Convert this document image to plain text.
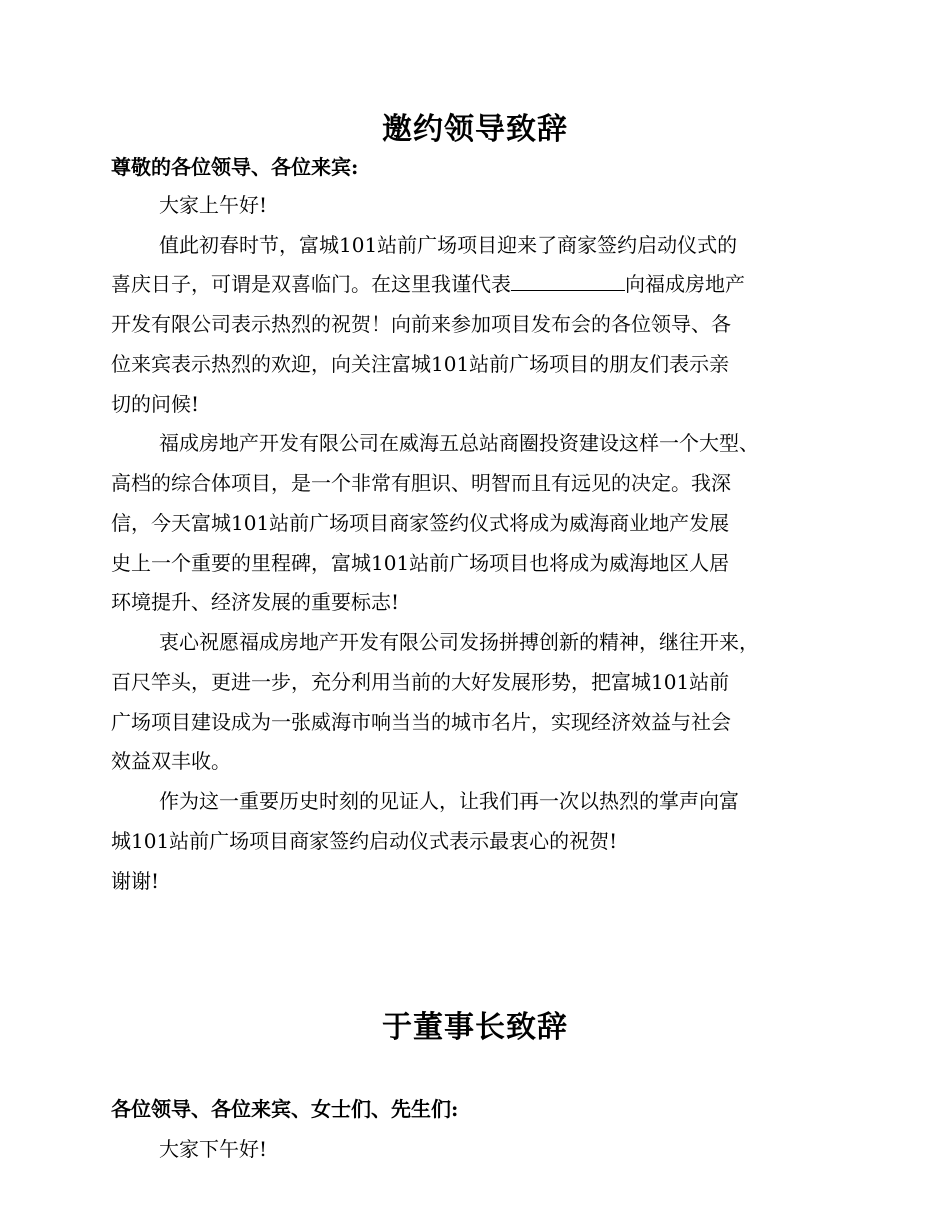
邀约领导致辞

尊敬的各位领导、各位来宾:

大家上午好!

值此初春时节，富城101站前广场项目迎来了商家签约启动仪式的

喜庆日子，可谓是双喜临门。在这里我谨代表	向福成房地产

开发有限公司表示热烈的祝贺！向前来参加项目发布会的各位领导、各

位来宾表示热烈的欢迎，向关注富城101站前广场项目的朋友们表示亲

切的问候!

福成房地产开发有限公司在威海五总站商圈投资建设这样一个大型、

高档的综合体项目，是一个非常有胆识、明智而且有远见的决定。我深

信，今天富城101站前广场项目商家签约仪式将成为威海商业地产发展

史上一个重要的里程碑，富城101站前广场项目也将成为威海地区人居

环境提升、经济发展的重要标志!

衷心祝愿福成房地产开发有限公司发扬拼搏创新的精神，继往开来，

百尺竿头，更进一步，充分利用当前的大好发展形势，把富城101站前

广场项目建设成为一张威海市响当当的城市名片，实现经济效益与社会

效益双丰收。

作为这一重要历史时刻的见证人，让我们再一次以热烈的掌声向富

城101站前广场项目商家签约启动仪式表示最衷心的祝贺!

谢谢!

于董事长致辞

各位领导、各位来宾、女士们、先生们:

大家下午好!
